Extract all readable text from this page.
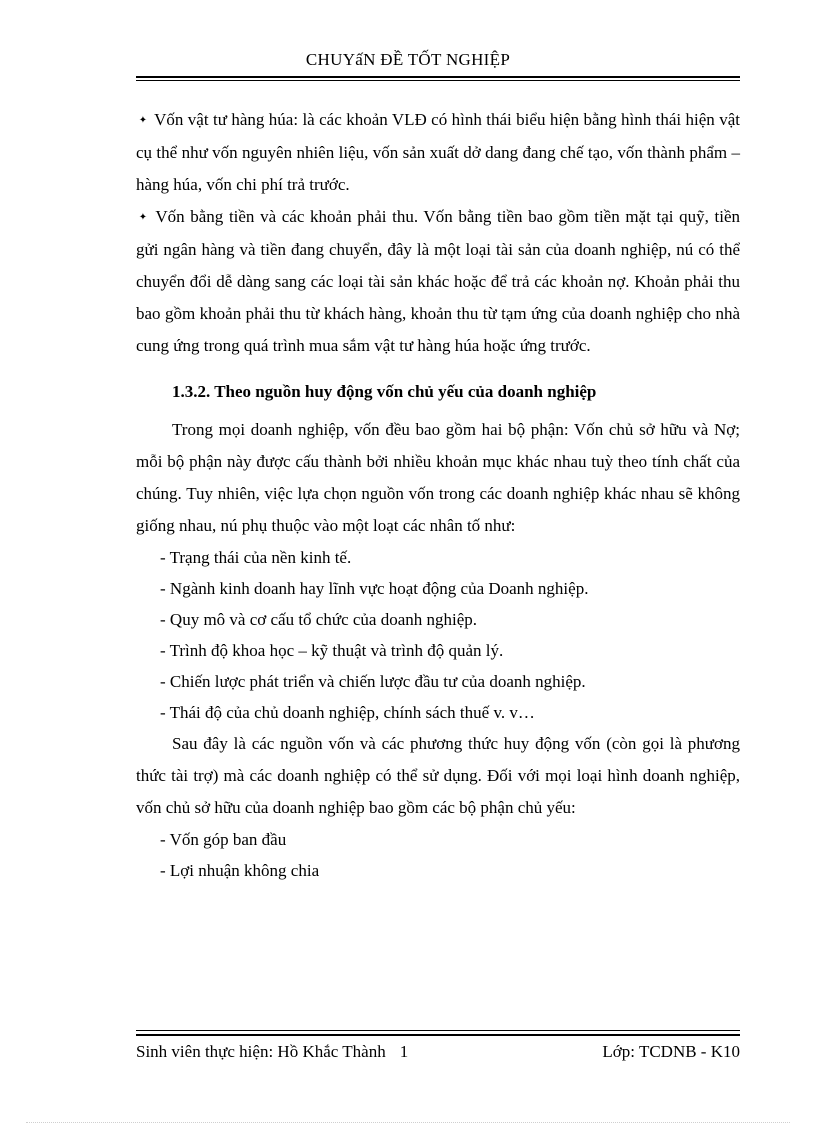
CHUYấN ĐỀ TỐT NGHIỆP

✦ Vốn vật tư hàng húa: là các khoản VLĐ có hình thái biểu hiện bằng hình thái hiện vật cụ thể như vốn nguyên nhiên liệu, vốn sản xuất dở dang đang chế tạo, vốn thành phẩm – hàng húa, vốn chi phí trả trước.

✦ Vốn bằng tiền và các khoản phải thu. Vốn bằng tiền bao gồm tiền mặt tại quỹ, tiền gửi ngân hàng và tiền đang chuyển, đây là một loại tài sản của doanh nghiệp, nú có thể chuyển đổi dễ dàng sang các loại tài sản khác hoặc để trả các khoản nợ. Khoản phải thu bao gồm khoản phải thu từ khách hàng, khoản thu từ tạm ứng của doanh nghiệp cho nhà cung ứng trong quá trình mua sắm vật tư hàng húa hoặc ứng trước.

1.3.2. Theo nguồn huy động vốn chủ yếu của doanh nghiệp

Trong mọi doanh nghiệp, vốn đều bao gồm hai bộ phận: Vốn chủ sở hữu và Nợ; mỗi bộ phận này được cấu thành bởi nhiều khoản mục khác nhau tuỳ theo tính chất của chúng. Tuy nhiên, việc lựa chọn nguồn vốn trong các doanh nghiệp khác nhau sẽ không giống nhau, nú phụ thuộc vào một loạt các nhân tố như:

- Trạng thái của nền kinh tế.

- Ngành kinh doanh hay lĩnh vực hoạt động của Doanh nghiệp.

- Quy mô và cơ cấu tổ chức của doanh nghiệp.

- Trình độ khoa học – kỹ thuật và trình độ quản lý.

- Chiến lược phát triển và chiến lược đầu tư của doanh nghiệp.

- Thái độ của chủ doanh nghiệp, chính sách thuế v. v…

Sau đây là các nguồn vốn và các phương thức huy động vốn (còn gọi là phương thức tài trợ) mà các doanh nghiệp có thể sử dụng. Đối với mọi loại hình doanh nghiệp, vốn chủ sở hữu của doanh nghiệp bao gồm các bộ phận chủ yếu:

- Vốn góp ban đầu

- Lợi nhuận không chia

Sinh viên thực hiện: Hồ Khắc Thành 1	Lớp: TCDNB - K10
